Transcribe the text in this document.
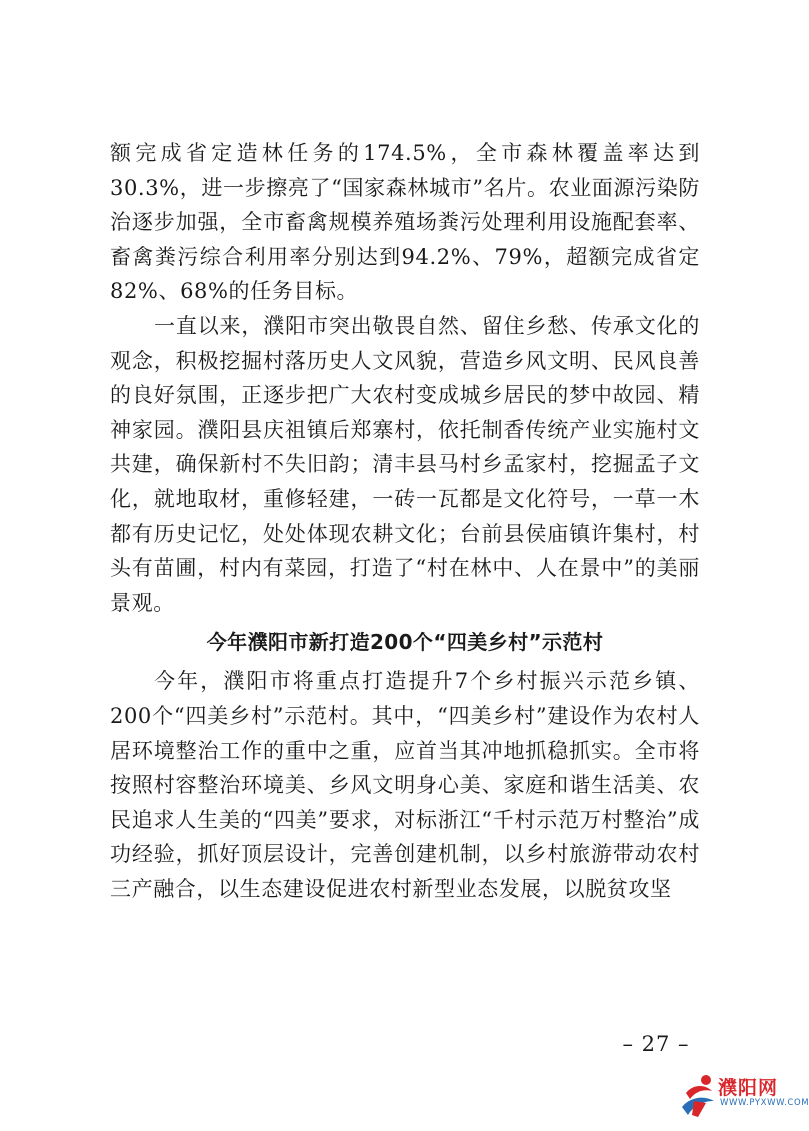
额完成省定造林任务的174.5%，全市森林覆盖率达到30.3%，进一步擦亮了“国家森林城市”名片。农业面源污染防治逐步加强，全市畜禽规模养殖场粪污处理利用设施配套率、畜禽粪污综合利用率分别达到94.2%、79%，超额完成省定82%、68%的任务目标。

一直以来，濮阳市突出敬畏自然、留住乡愁、传承文化的观念，积极挖掘村落历史人文风貌，营造乡风文明、民风良善的良好氛围，正逐步把广大农村变成城乡居民的梦中故园、精神家园。濮阳县庆祖镇后郑寨村，依托制香传统产业实施村文共建，确保新村不失旧韵；清丰县马村乡孟家村，挖掘孟子文化，就地取材，重修轻建，一砖一瓦都是文化符号，一草一木都有历史记忆，处处体现农耕文化；台前县侯庙镇许集村，村头有苗圃，村内有菜园，打造了“村在林中、人在景中”的美丽景观。

今年濮阳市新打造200个“四美乡村”示范村

今年，濮阳市将重点打造提升7个乡村振兴示范乡镇、200个“四美乡村”示范村。其中，“四美乡村”建设作为农村人居环境整治工作的重中之重，应首当其冲地抓稳抓实。全市将按照村容整治环境美、乡风文明身心美、家庭和谐生活美、农民追求人生美的“四美”要求，对标浙江“千村示范万村整治”成功经验，抓好顶层设计，完善创建机制，以乡村旅游带动农村三产融合，以生态建设促进农村新型业态发展，以脱贫攻坚

– 27 –
濮阳网
WWW.PYXWW.COM
